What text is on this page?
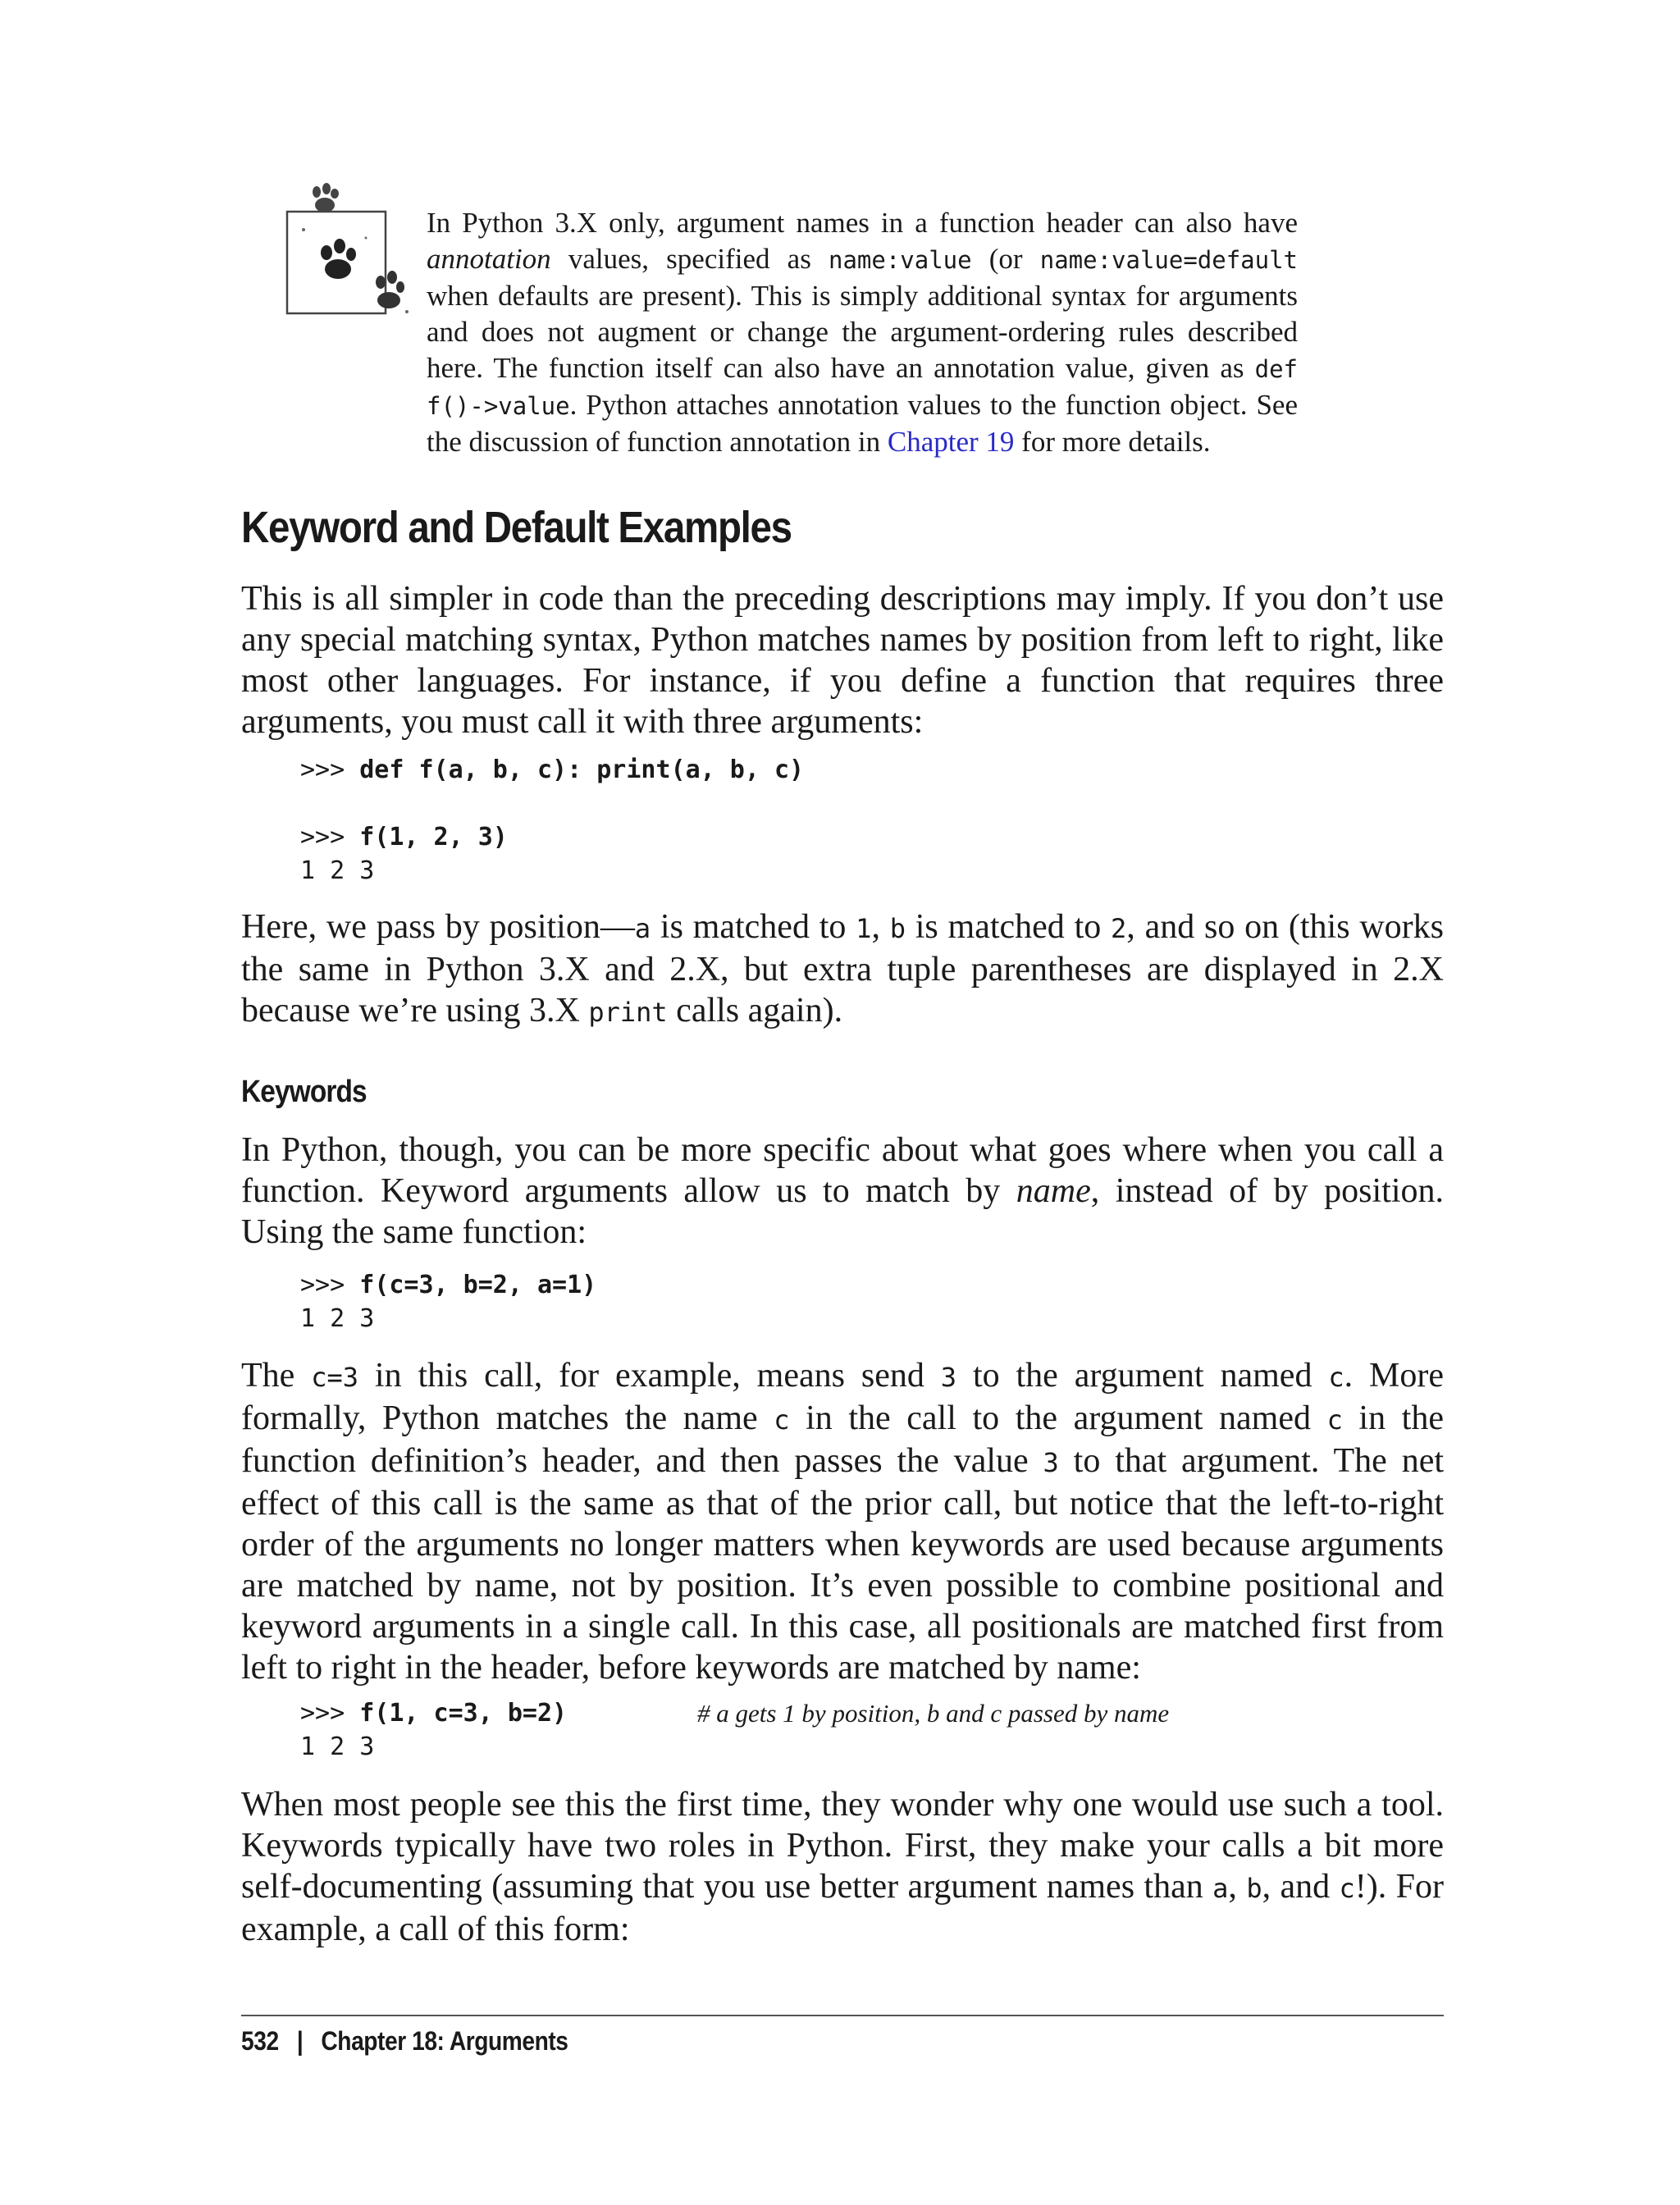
In Python 3.X only, argument names in a function header can also have annotation values, specified as name:value (or name:value=default when defaults are present). This is simply additional syntax for arguments and does not augment or change the argument-ordering rules described here. The function itself can also have an annotation value, given as def f()->value. Python attaches annotation values to the function object. See the discussion of function annotation in Chapter 19 for more details.

Keyword and Default Examples

This is all simpler in code than the preceding descriptions may imply. If you don’t use any special matching syntax, Python matches names by position from left to right, like most other languages. For instance, if you define a function that requires three arguments, you must call it with three arguments:

>>> def f(a, b, c): print(a, b, c)

>>> f(1, 2, 3)
1 2 3

Here, we pass by position—a is matched to 1, b is matched to 2, and so on (this works the same in Python 3.X and 2.X, but extra tuple parentheses are displayed in 2.X because we’re using 3.X print calls again).

Keywords

In Python, though, you can be more specific about what goes where when you call a function. Keyword arguments allow us to match by name, instead of by position. Using the same function:

>>> f(c=3, b=2, a=1)
1 2 3

The c=3 in this call, for example, means send 3 to the argument named c. More formally, Python matches the name c in the call to the argument named c in the function definition’s header, and then passes the value 3 to that argument. The net effect of this call is the same as that of the prior call, but notice that the left-to-right order of the arguments no longer matters when keywords are used because arguments are matched by name, not by position. It’s even possible to combine positional and keyword arguments in a single call. In this case, all positionals are matched first from left to right in the header, before keywords are matched by name:

>>> f(1, c=3, b=2)	# a gets 1 by position, b and c passed by name

1 2 3

When most people see this the first time, they wonder why one would use such a tool. Keywords typically have two roles in Python. First, they make your calls a bit more self-documenting (assuming that you use better argument names than a, b, and c!). For example, a call of this form:

532 | Chapter 18: Arguments
